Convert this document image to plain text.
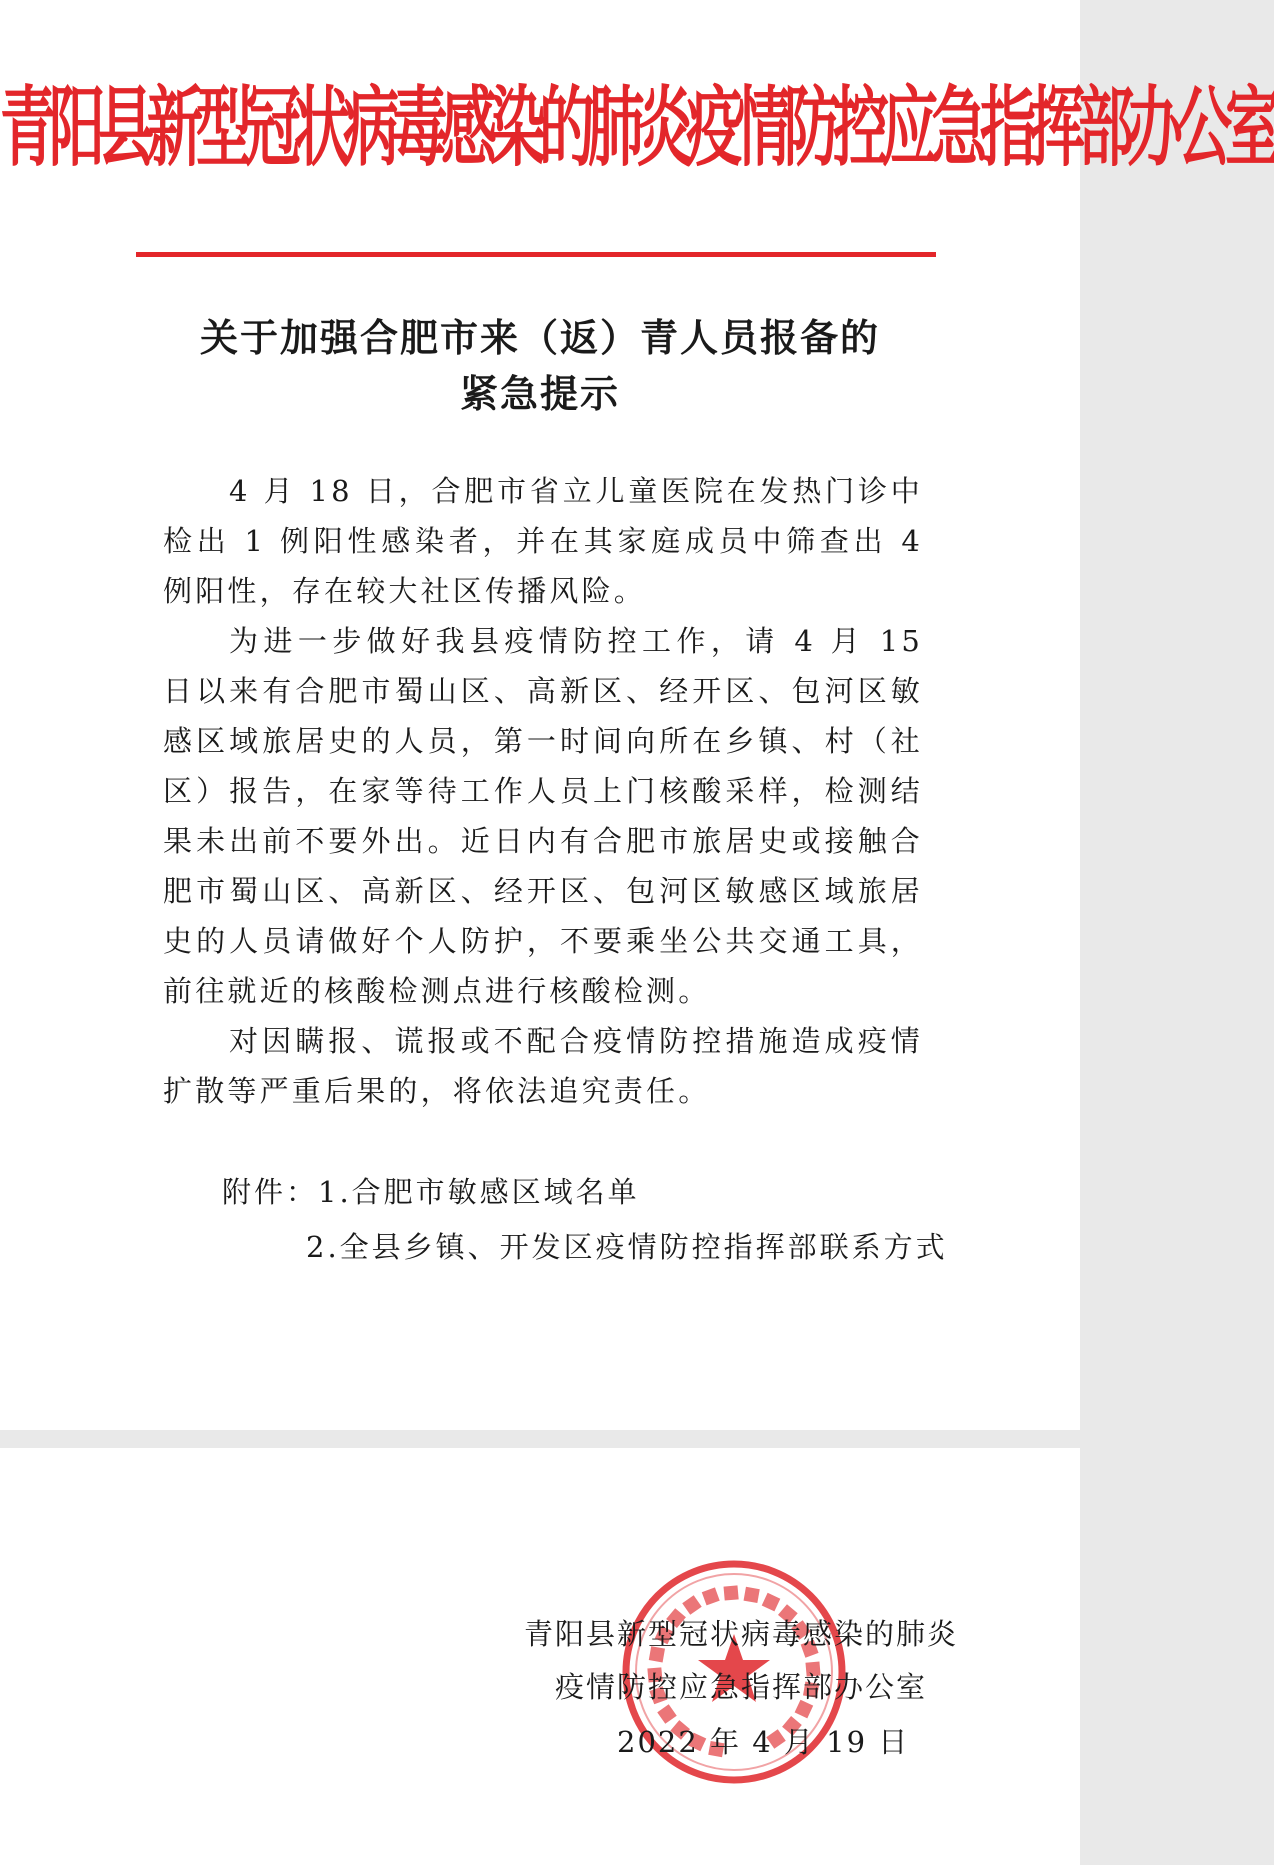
青阳县新型冠状病毒感染的肺炎疫情防控应急指挥部办公室
关于加强合肥市来（返）青人员报备的
紧急提示

4 月 18 日，合肥市省立儿童医院在发热门诊中检出 1 例阳性感染者，并在其家庭成员中筛查出 4 例阳性，存在较大社区传播风险。

为进一步做好我县疫情防控工作，请 4 月 15 日以来有合肥市蜀山区、高新区、经开区、包河区敏感区域旅居史的人员，第一时间向所在乡镇、村（社区）报告，在家等待工作人员上门核酸采样，检测结果未出前不要外出。近日内有合肥市旅居史或接触合肥市蜀山区、高新区、经开区、包河区敏感区域旅居史的人员请做好个人防护，不要乘坐公共交通工具，前往就近的核酸检测点进行核酸检测。

对因瞒报、谎报或不配合疫情防控措施造成疫情扩散等严重后果的，将依法追究责任。

附件：1.合肥市敏感区域名单
2.全县乡镇、开发区疫情防控指挥部联系方式
青阳县新型冠状病毒感染的肺炎
疫情防控应急指挥部办公室
2022 年 4 月 19 日
